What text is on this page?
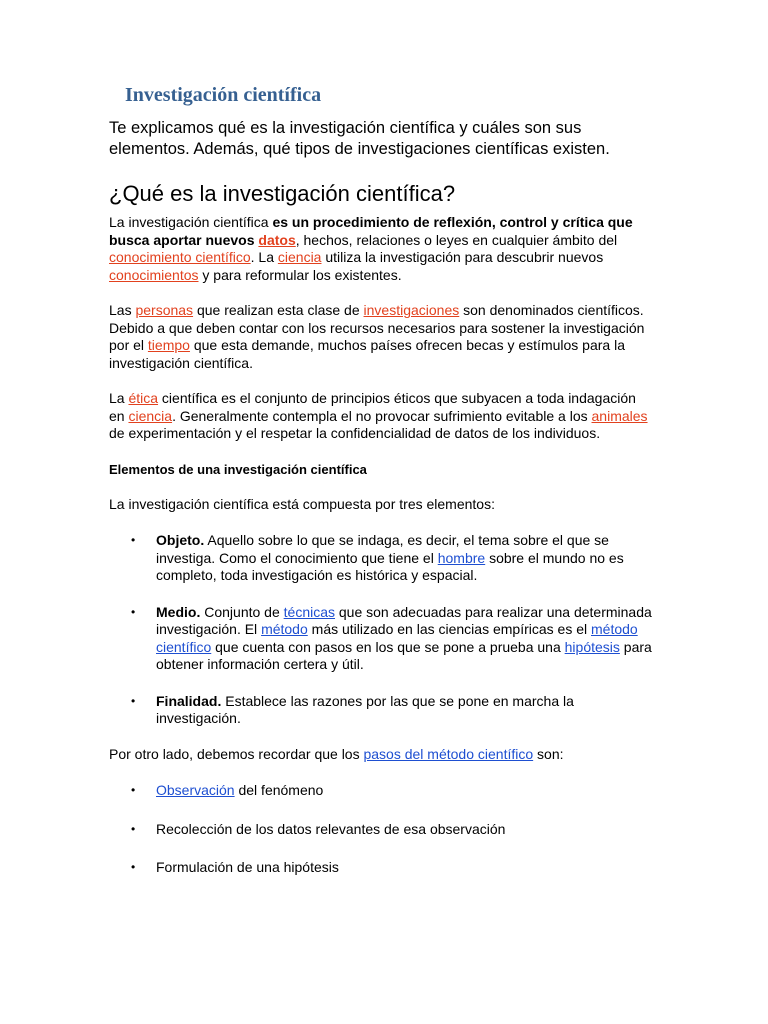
Investigación científica

Te explicamos qué es la investigación científica y cuáles son sus elementos. Además, qué tipos de investigaciones científicas existen.

¿Qué es la investigación científica?

La investigación científica es un procedimiento de reflexión, control y crítica que busca aportar nuevos datos, hechos, relaciones o leyes en cualquier ámbito del conocimiento científico. La ciencia utiliza la investigación para descubrir nuevos conocimientos y para reformular los existentes.

Las personas que realizan esta clase de investigaciones son denominados científicos. Debido a que deben contar con los recursos necesarios para sostener la investigación por el tiempo que esta demande, muchos países ofrecen becas y estímulos para la investigación científica.

La ética científica es el conjunto de principios éticos que subyacen a toda indagación en ciencia. Generalmente contempla el no provocar sufrimiento evitable a los animales de experimentación y el respetar la confidencialidad de datos de los individuos.

Elementos de una investigación científica

La investigación científica está compuesta por tres elementos:

• Objeto. Aquello sobre lo que se indaga, es decir, el tema sobre el que se investiga. Como el conocimiento que tiene el hombre sobre el mundo no es completo, toda investigación es histórica y espacial.
• Medio. Conjunto de técnicas que son adecuadas para realizar una determinada investigación. El método más utilizado en las ciencias empíricas es el método científico que cuenta con pasos en los que se pone a prueba una hipótesis para obtener información certera y útil.
• Finalidad. Establece las razones por las que se pone en marcha la investigación.

Por otro lado, debemos recordar que los pasos del método científico son:

• Observación del fenómeno
• Recolección de los datos relevantes de esa observación
• Formulación de una hipótesis
